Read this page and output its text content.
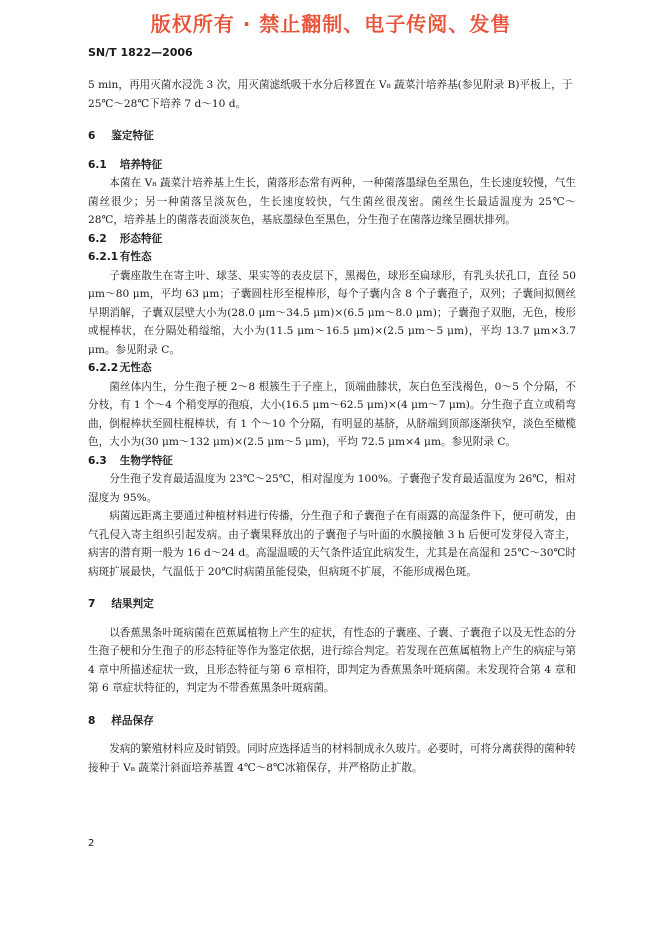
版权所有 · 禁止翻制、电子传阅、发售
SN/T 1822—2006

5 min，再用灭菌水浸洗 3 次，用灭菌滤纸吸干水分后移置在 V₈ 蔬菜汁培养基(参见附录 B)平板上，于
25℃～28℃下培养 7 d～10 d。

6 鉴定特征
6.1 培养特征

本菌在 V₈ 蔬菜汁培养基上生长，菌落形态常有两种，一种菌落墨绿色至黑色，生长速度较慢，气生菌丝很少；另一种菌落呈淡灰色，生长速度较快，气生菌丝很茂密。菌丝生长最适温度为 25℃～28℃，培养基上的菌落表面淡灰色，基底墨绿色至黑色，分生孢子在菌落边缘呈圈状排列。

6.2 形态特征
6.2.1 有性态

子囊座散生在寄主叶、球茎、果实等的表皮层下，黑褐色，球形至扁球形，有乳头状孔口，直径 50 μm～80 μm，平均 63 μm；子囊圆柱形至棍棒形，每个子囊内含 8 个子囊孢子，双列；子囊间拟侧丝早期消解，子囊双层壁大小为(28.0 μm～34.5 μm)×(6.5 μm～8.0 μm)；子囊孢子双胞，无色，梭形或棍棒状，在分隔处稍缢缩，大小为(11.5 μm～16.5 μm)×(2.5 μm～5 μm)，平均 13.7 μm×3.7 μm。参见附录 C。

6.2.2 无性态

菌丝体内生，分生孢子梗 2～8 根簇生于子座上，顶端曲膝状，灰白色至浅褐色，0～5 个分隔，不分枝，有 1 个～4 个稍变厚的孢痕，大小(16.5 μm～62.5 μm)×(4 μm～7 μm)。分生孢子直立或稍弯曲，倒棍棒状至圆柱棍棒状，有 1 个～10 个分隔，有明显的基脐，从脐端到顶部逐渐狭窄，淡色至橄榄色，大小为(30 μm～132 μm)×(2.5 μm～5 μm)，平均 72.5 μm×4 μm。参见附录 C。

6.3 生物学特征

分生孢子发育最适温度为 23℃～25℃，相对湿度为 100%。子囊孢子发育最适温度为 26℃，相对湿度为 95%。

病菌远距离主要通过种植材料进行传播，分生孢子和子囊孢子在有雨露的高湿条件下，便可萌发，由气孔侵入寄主组织引起发病。由子囊果释放出的子囊孢子与叶面的水膜接触 3 h 后便可发芽侵入寄主，病害的潜育期一般为 16 d～24 d。高湿温暖的天气条件适宜此病发生，尤其是在高湿和 25℃～30℃时病斑扩展最快，气温低于 20℃时病菌虽能侵染，但病斑不扩展，不能形成褐色斑。

7 结果判定

以香蕉黑条叶斑病菌在芭蕉属植物上产生的症状，有性态的子囊座、子囊、子囊孢子以及无性态的分生孢子梗和分生孢子的形态特征等作为鉴定依据，进行综合判定。若发现在芭蕉属植物上产生的病症与第 4 章中所描述症状一致，且形态特征与第 6 章相符，即判定为香蕉黑条叶斑病菌。未发现符合第 4 章和第 6 章症状特征的，判定为不带香蕉黑条叶斑病菌。

8 样品保存

发病的繁殖材料应及时销毁。同时应选择适当的材料制成永久玻片。必要时，可将分离获得的菌种转接种于 V₈ 蔬菜汁斜面培养基置 4℃～8℃冰箱保存，并严格防止扩散。

2
